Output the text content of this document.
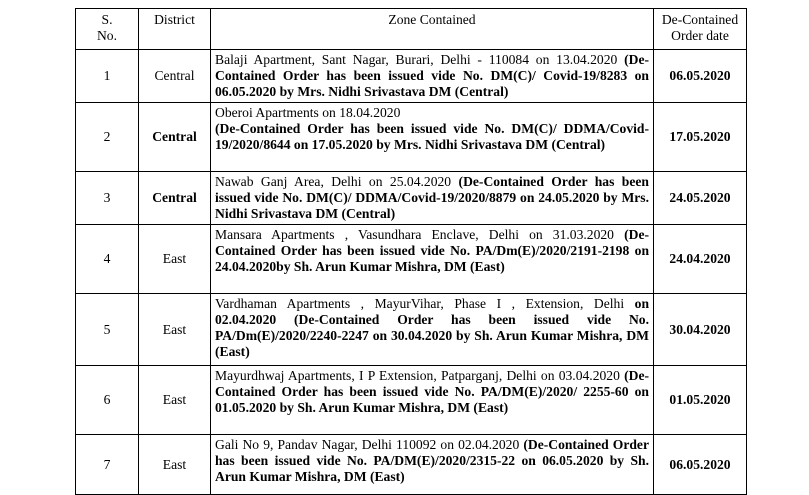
S.
No.	District	Zone Contained	De-Contained
Order date
1	Central	Balaji Apartment, Sant Nagar, Burari, Delhi - 110084 on 13.04.2020 (De-Contained Order has been issued vide No. DM(C)/ Covid-19/8283 on 06.05.2020 by Mrs. Nidhi Srivastava DM (Central)	06.05.2020
2	Central	Oberoi Apartments on 18.04.2020
(De-Contained Order has been issued vide No. DM(C)/ DDMA/Covid-19/2020/8644 on 17.05.2020 by Mrs. Nidhi Srivastava DM (Central)	17.05.2020
3	Central	Nawab Ganj Area, Delhi on 25.04.2020 (De-Contained Order has been issued vide No. DM(C)/ DDMA/Covid-19/2020/8879 on 24.05.2020 by Mrs. Nidhi Srivastava DM (Central)	24.05.2020
4	East	Mansara Apartments , Vasundhara Enclave, Delhi on 31.03.2020 (De-Contained Order has been issued vide No. PA/Dm(E)/2020/2191-2198 on 24.04.2020by Sh. Arun Kumar Mishra, DM (East)	24.04.2020
5	East	Vardhaman Apartments , MayurVihar, Phase I , Extension, Delhi on 02.04.2020 (De-Contained Order has been issued vide No. PA/Dm(E)/2020/2240-2247 on 30.04.2020 by Sh. Arun Kumar Mishra, DM (East)	30.04.2020
6	East	Mayurdhwaj Apartments, I P Extension, Patparganj, Delhi on 03.04.2020 (De-Contained Order has been issued vide No. PA/DM(E)/2020/ 2255-60 on 01.05.2020 by Sh. Arun Kumar Mishra, DM (East)	01.05.2020
7	East	Gali No 9, Pandav Nagar, Delhi 110092 on 02.04.2020 (De-Contained Order has been issued vide No. PA/DM(E)/2020/2315-22 on 06.05.2020 by Sh. Arun Kumar Mishra, DM (East)	06.05.2020
